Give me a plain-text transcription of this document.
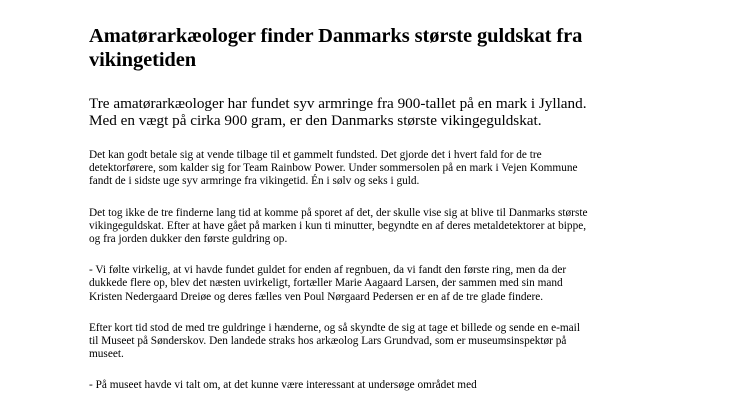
Amatørarkæologer finder Danmarks største guldskat fra vikingetiden

Tre amatørarkæologer har fundet syv armringe fra 900-tallet på en mark i Jylland. Med en vægt på cirka 900 gram, er den Danmarks største vikingeguldskat.

Det kan godt betale sig at vende tilbage til et gammelt fundsted. Det gjorde det i hvert fald for de tre detektorførere, som kalder sig for Team Rainbow Power. Under sommersolen på en mark i Vejen Kommune fandt de i sidste uge syv armringe fra vikingetid. Én i sølv og seks i guld.

Det tog ikke de tre finderne lang tid at komme på sporet af det, der skulle vise sig at blive til Danmarks største vikingeguldskat. Efter at have gået på marken i kun ti minutter, begyndte en af deres metaldetektorer at bippe, og fra jorden dukker den første guldring op.

- Vi følte virkelig, at vi havde fundet guldet for enden af regnbuen, da vi fandt den første ring, men da der dukkede flere op, blev det næsten uvirkeligt, fortæller Marie Aagaard Larsen, der sammen med sin mand Kristen Nedergaard Dreiøe og deres fælles ven Poul Nørgaard Pedersen er en af de tre glade findere.

Efter kort tid stod de med tre guldringe i hænderne, og så skyndte de sig at tage et billede og sende en e-mail til Museet på Sønderskov. Den landede straks hos arkæolog Lars Grundvad, som er museumsinspektør på museet.

- På museet havde vi talt om, at det kunne være interessant at undersøge området med
